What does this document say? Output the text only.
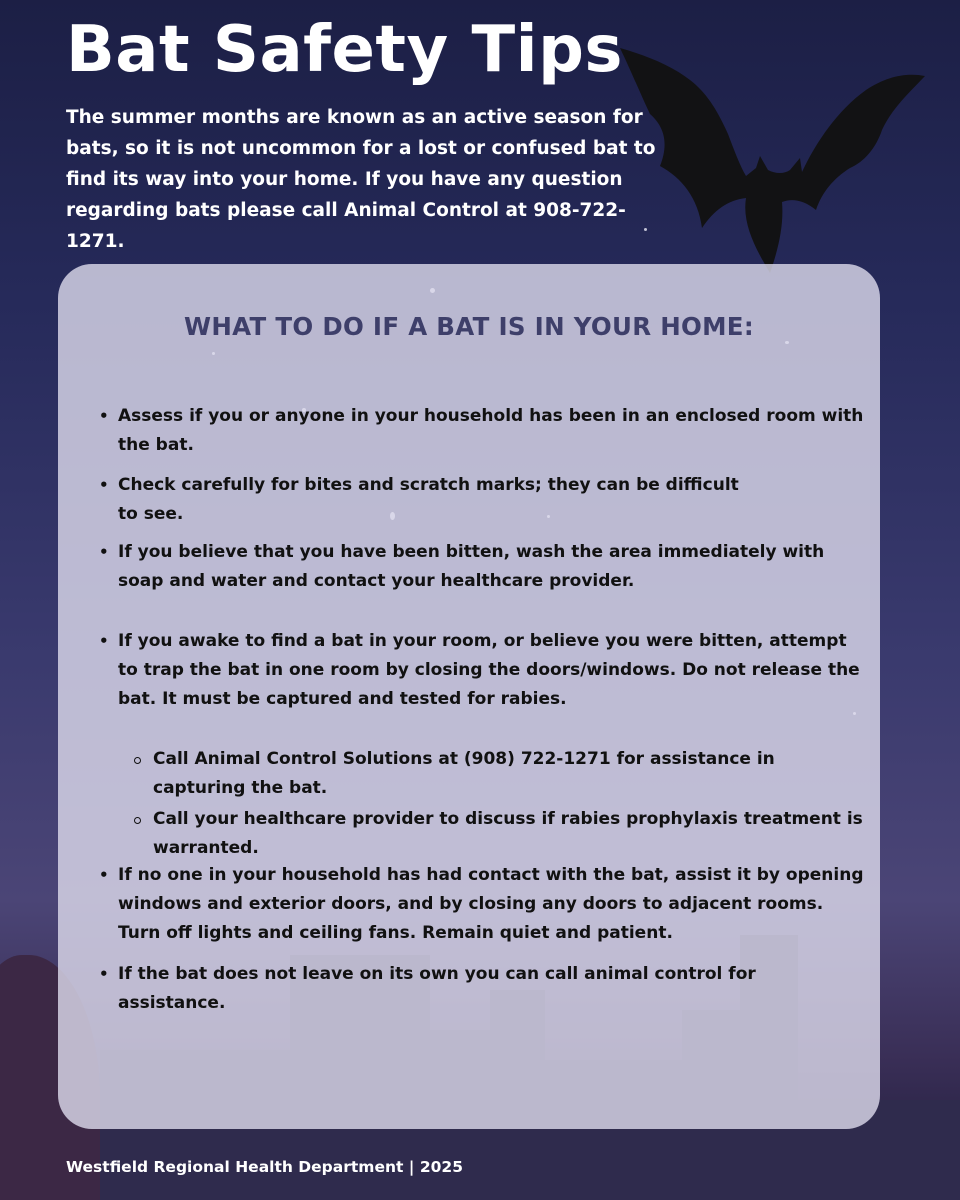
Bat Safety Tips

The summer months are known as an active season for bats, so it is not uncommon for a lost or confused bat to find its way into your home. If you have any question regarding bats please call Animal Control at 908-722-1271.

WHAT TO DO IF A BAT IS IN YOUR HOME:

• Assess if you or anyone in your household has been in an enclosed room with the bat.

• Check carefully for bites and scratch marks; they can be difficult to see.

• If you believe that you have been bitten, wash the area immediately with soap and water and contact your healthcare provider.

• If you awake to find a bat in your room, or believe you were bitten, attempt to trap the bat in one room by closing the doors/windows. Do not release the bat. It must be captured and tested for rabies.

Call Animal Control Solutions at (908) 722-1271 for assistance in capturing the bat.

Call your healthcare provider to discuss if rabies prophylaxis treatment is warranted.

• If no one in your household has had contact with the bat, assist it by opening windows and exterior doors, and by closing any doors to adjacent rooms. Turn off lights and ceiling fans. Remain quiet and patient.

• If the bat does not leave on its own you can call animal control for assistance.

Westfield Regional Health Department | 2025
